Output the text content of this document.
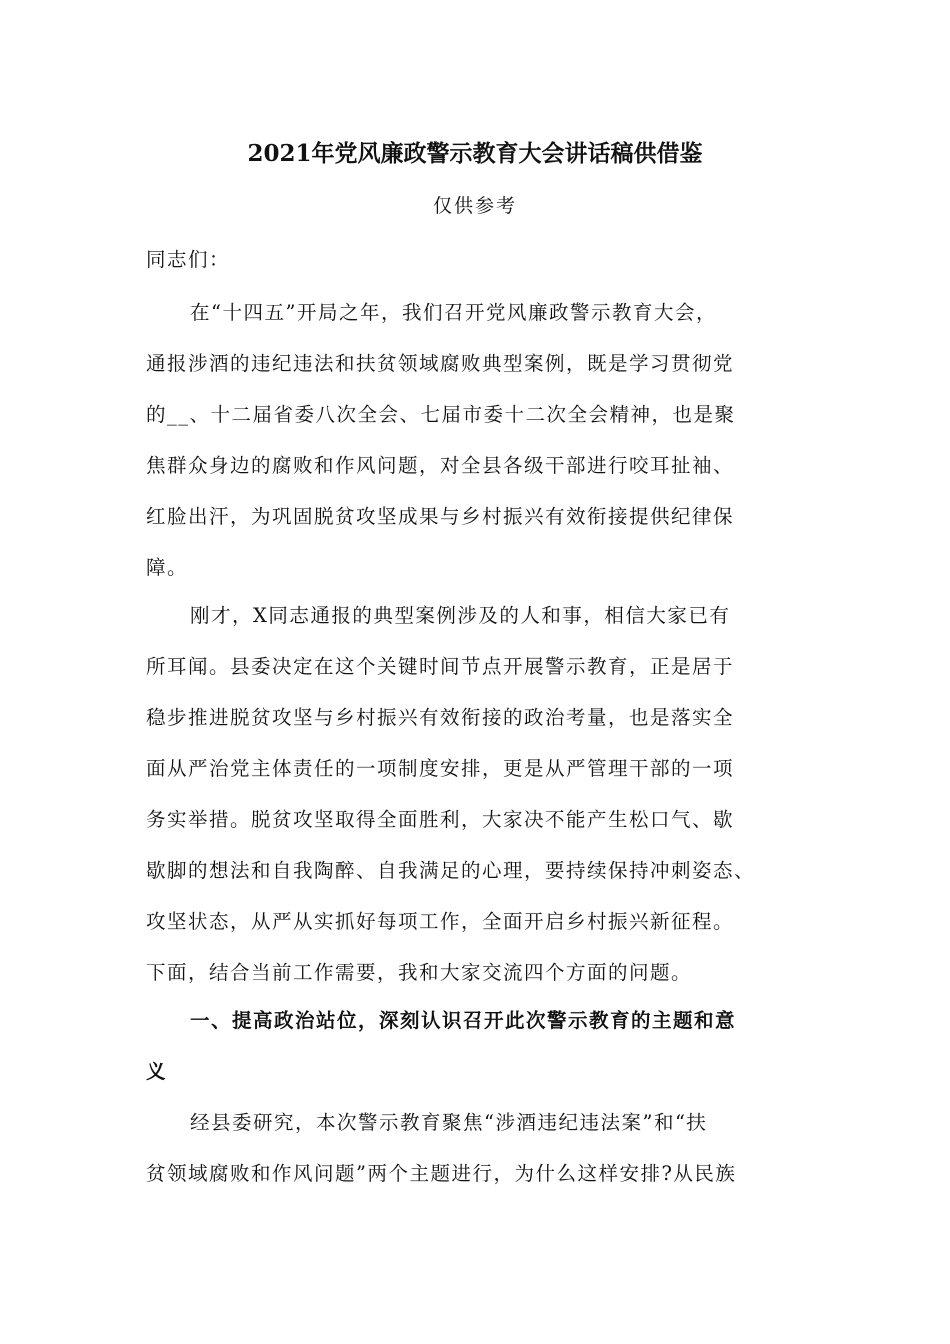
2021年党风廉政警示教育大会讲话稿供借鉴
仅供参考
同志们：
在“十四五”开局之年，我们召开党风廉政警示教育大会，
通报涉酒的违纪违法和扶贫领域腐败典型案例，既是学习贯彻党
的__、十二届省委八次全会、七届市委十二次全会精神，也是聚
焦群众身边的腐败和作风问题，对全县各级干部进行咬耳扯袖、
红脸出汗，为巩固脱贫攻坚成果与乡村振兴有效衔接提供纪律保
障。
刚才，X同志通报的典型案例涉及的人和事，相信大家已有
所耳闻。县委决定在这个关键时间节点开展警示教育，正是居于
稳步推进脱贫攻坚与乡村振兴有效衔接的政治考量，也是落实全
面从严治党主体责任的一项制度安排，更是从严管理干部的一项
务实举措。脱贫攻坚取得全面胜利，大家决不能产生松口气、歇
歇脚的想法和自我陶醉、自我满足的心理，要持续保持冲刺姿态、
攻坚状态，从严从实抓好每项工作，全面开启乡村振兴新征程。
下面，结合当前工作需要，我和大家交流四个方面的问题。
一、提高政治站位，深刻认识召开此次警示教育的主题和意
义
经县委研究，本次警示教育聚焦“涉酒违纪违法案”和“扶
贫领域腐败和作风问题”两个主题进行，为什么这样安排?从民族
